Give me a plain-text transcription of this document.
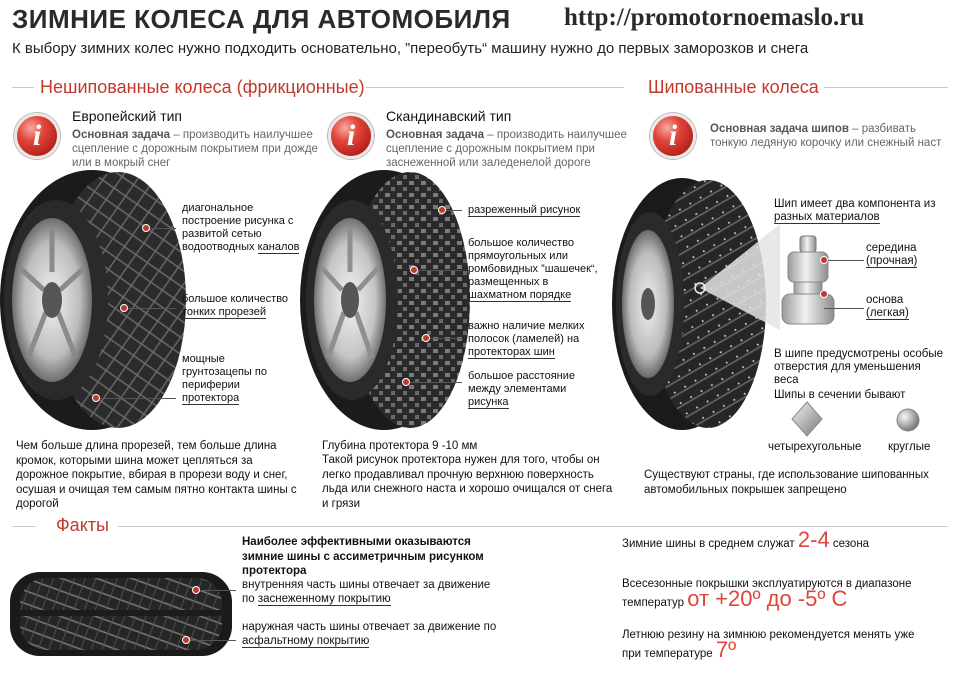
ЗИМНИЕ КОЛЕСА ДЛЯ АВТОМОБИЛЯ http://promotornoemaslo.ru
К выбору зимних колес нужно подходить основательно, ”переобуть“ машину нужно до первых заморозков и снега
Нешипованные колеса (фрикционные)	Шипованные колеса
i
Европейский тип
Основная задача – производить наилучшее сцепление с дорожным покрытием при дожде или в мокрый снег
диагональное построение рисунка с развитой сетью водоотводных каналов
большое количество тонких прорезей
мощные грунтозацепы по периферии протектора
Чем больше длина прорезей, тем больше длина кромок, которыми шина может цепляться за дорожное покрытие, вбирая в прорези воду и снег, осушая и очищая тем самым пятно контакта шины с дорогой
i
Скандинавский тип
Основная задача – производить наилучшее сцепление с дорожным покрытием при заснеженной или заледенелой дороге
разреженный рисунок
большое количество прямоугольных или ромбовидных ”шашечек“, размещенных в шахматном порядке
важно наличие мелких полосок (ламелей) на протекторах шин
большое расстояние между элементами рисунка
Глубина протектора 9 -10 мм
Такой рисунок протектора нужен для того, чтобы он легко продавливал прочную верхнюю поверхность льда или снежного наста и хорошо очищался от снега и грязи
i	Основная задача шипов – разбивать тонкую ледяную корочку или снежный наст
Шип имеет два компонента из разных материалов
середина
(прочная)
основа
(легкая)
В шипе предусмотрены особые отверстия для уменьшения веса
Шипы в сечении бывают
четырехугольные круглые
Существуют страны, где использование шипованных автомобильных покрышек запрещено
Факты
Наиболее эффективными оказываются зимние шины с ассиметричным рисунком протектора
внутренняя часть шины отвечает за движение по заснеженному покрытию
наружная часть шины отвечает за движение по асфальтному покрытию
Зимние шины в среднем служат 2-4 сезона
Всесезонные покрышки эксплуатируются в диапазоне температур от +20º до -5º С
Летнюю резину на зимнюю рекомендуется менять уже при температуре 7º
